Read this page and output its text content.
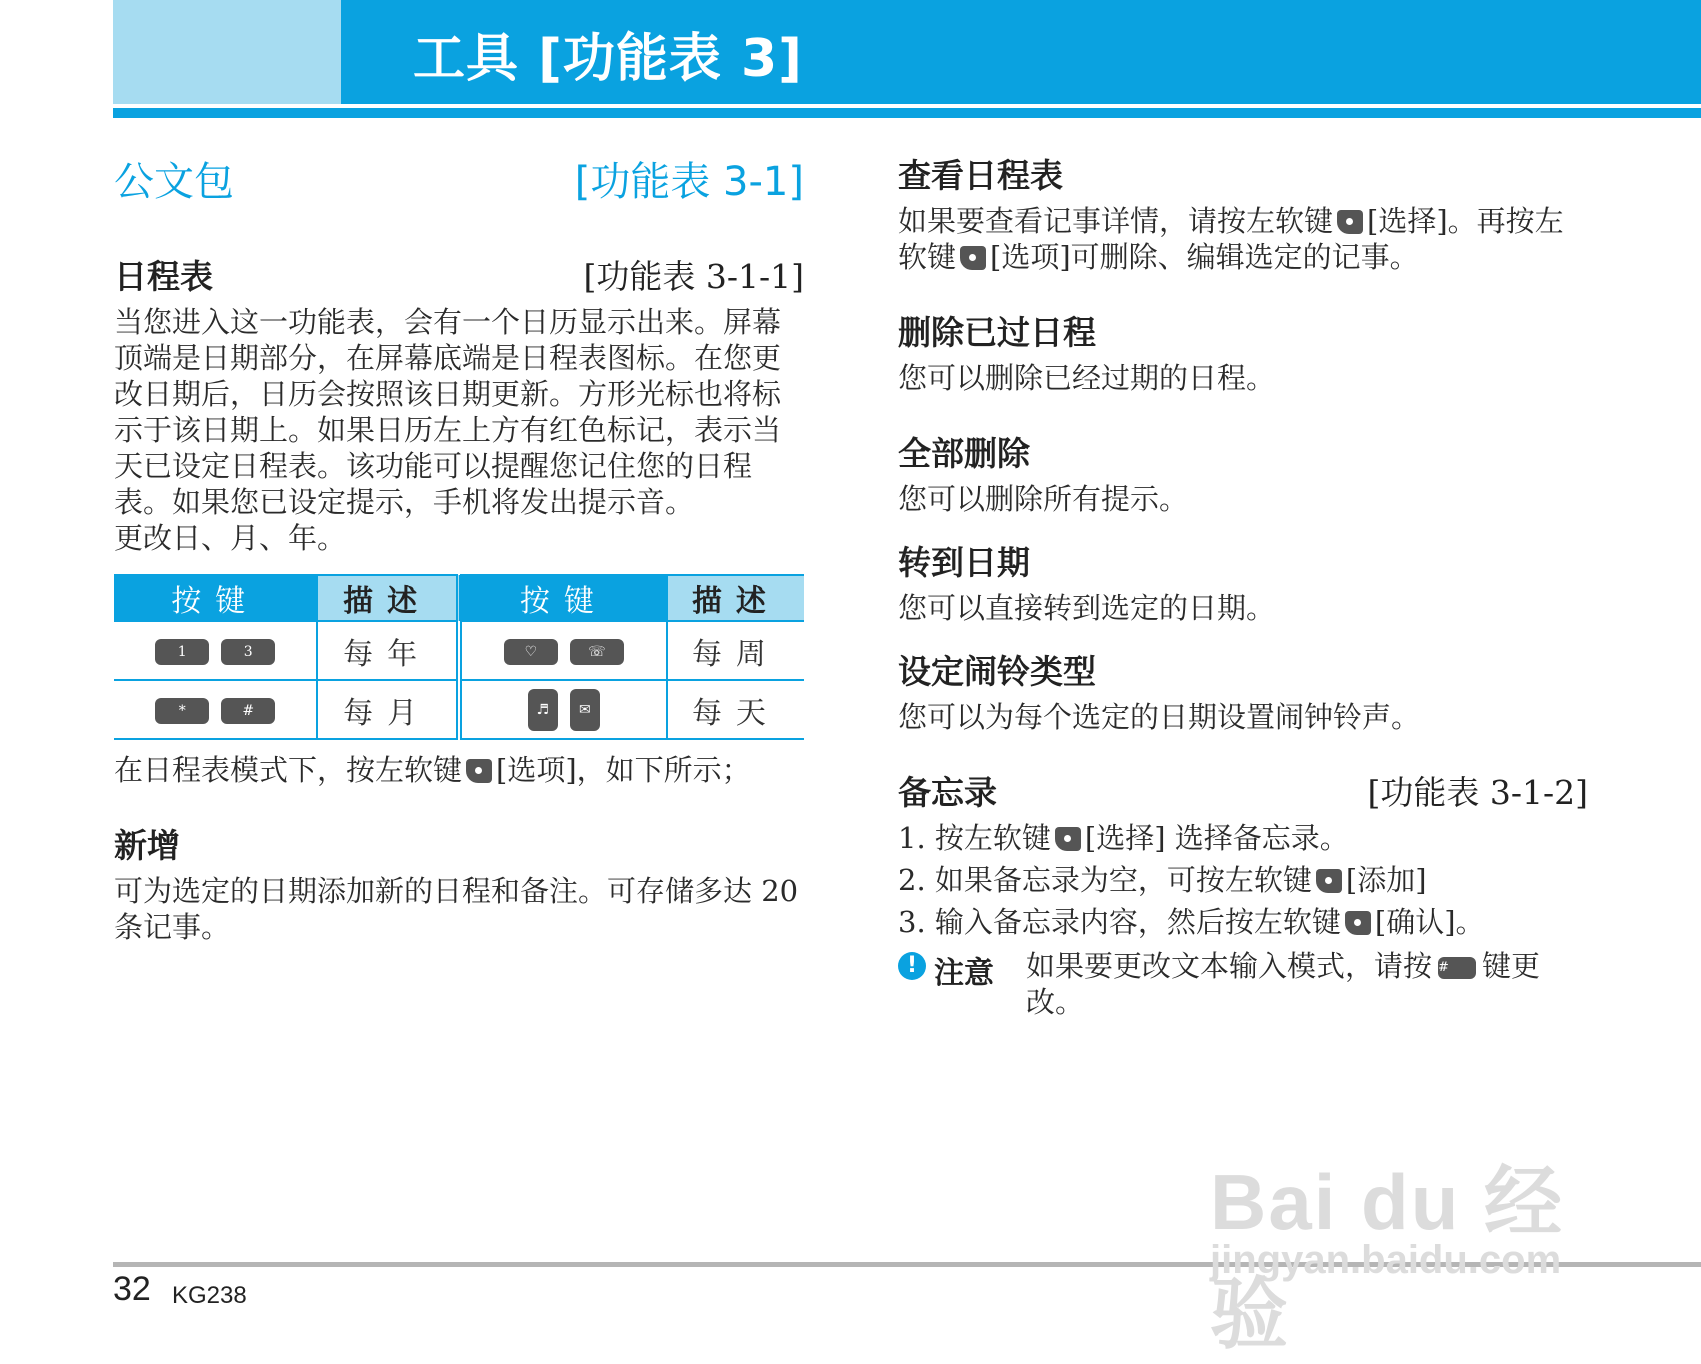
工具 [功能表 3]
公文包	[功能表 3-1]
日程表	[功能表 3-1-1]

当您进入这一功能表，会有一个日历显示出来。屏幕顶端是日期部分，在屏幕底端是日程表图标。在您更改日期后，日历会按照该日期更新。方形光标也将标示于该日期上。如果日历左上方有红色标记，表示当天已设定日程表。该功能可以提醒您记住您的日程表。如果您已设定提示，手机将发出提示音。

更改日、月、年。

按键	描述	按键	描述
1 3	每年	♡ ☏	每周
* #	每月	♬ ✉	每天

在日程表模式下，按左软键 [选项]，如下所示；

新增

可为选定的日期添加新的日程和备注。可存储多达 20 条记事。

查看日程表

如果要查看记事详情，请按左软键 [选择]。再按左软键 [选项]可删除、编辑选定的记事。

删除已过日程

您可以删除已经过期的日程。

全部删除

您可以删除所有提示。

转到日期

您可以直接转到选定的日期。

设定闹铃类型

您可以为每个选定的日期设置闹钟铃声。

备忘录	[功能表 3-1-2]

1. 按左软键 [选择] 选择备忘录。

2. 如果备忘录为空，可按左软键 [添加]

3. 输入备忘录内容，然后按左软键 [确认]。

! 注意 如果要更改文本输入模式，请按 # 键更改。

32 KG238
Bai du 经验
jingyan.baidu.com
